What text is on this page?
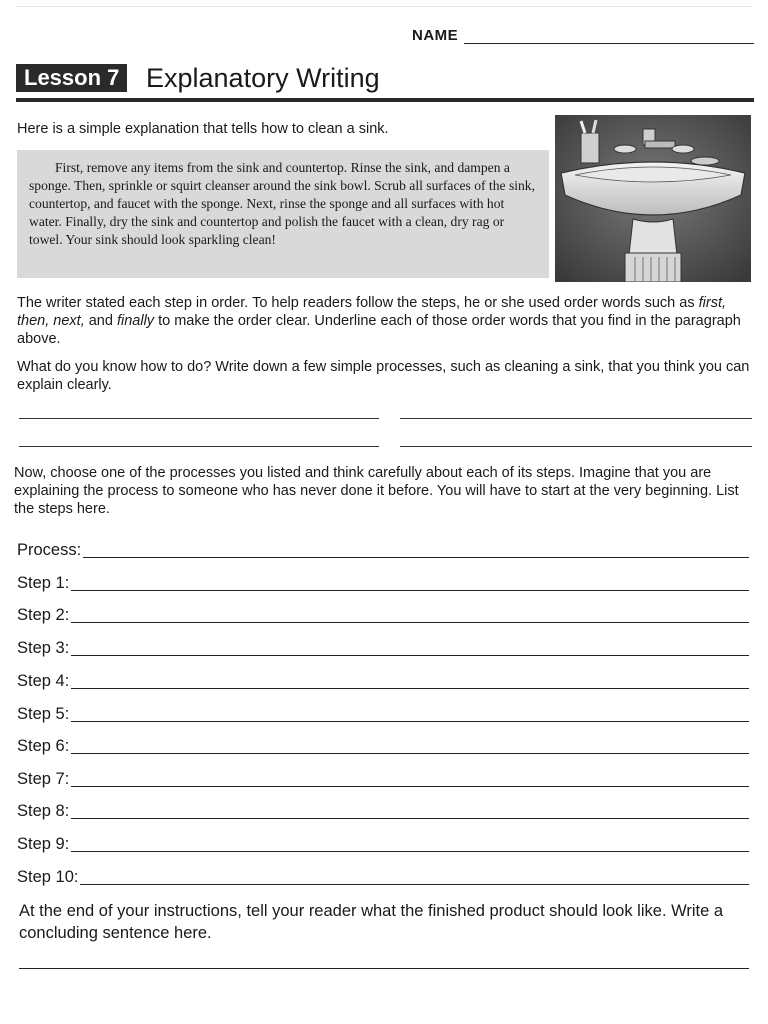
NAME
Lesson 7 Explanatory Writing
Here is a simple explanation that tells how to clean a sink.
First, remove any items from the sink and countertop. Rinse the sink, and dampen a sponge. Then, sprinkle or squirt cleanser around the sink bowl. Scrub all surfaces of the sink, countertop, and faucet with the sponge. Next, rinse the sponge and all surfaces with hot water. Finally, dry the sink and countertop and polish the faucet with a clean, dry rag or towel. Your sink should look sparkling clean!
The writer stated each step in order. To help readers follow the steps, he or she used order words such as first, then, next, and finally to make the order clear. Underline each of those order words that you find in the paragraph above.
What do you know how to do? Write down a few simple processes, such as cleaning a sink, that you think you can explain clearly.
Now, choose one of the processes you listed and think carefully about each of its steps. Imagine that you are explaining the process to someone who has never done it before. You will have to start at the very beginning. List the steps here.
Process:
Step 1:
Step 2:
Step 3:
Step 4:
Step 5:
Step 6:
Step 7:
Step 8:
Step 9:
Step 10:
At the end of your instructions, tell your reader what the finished product should look like. Write a concluding sentence here.
